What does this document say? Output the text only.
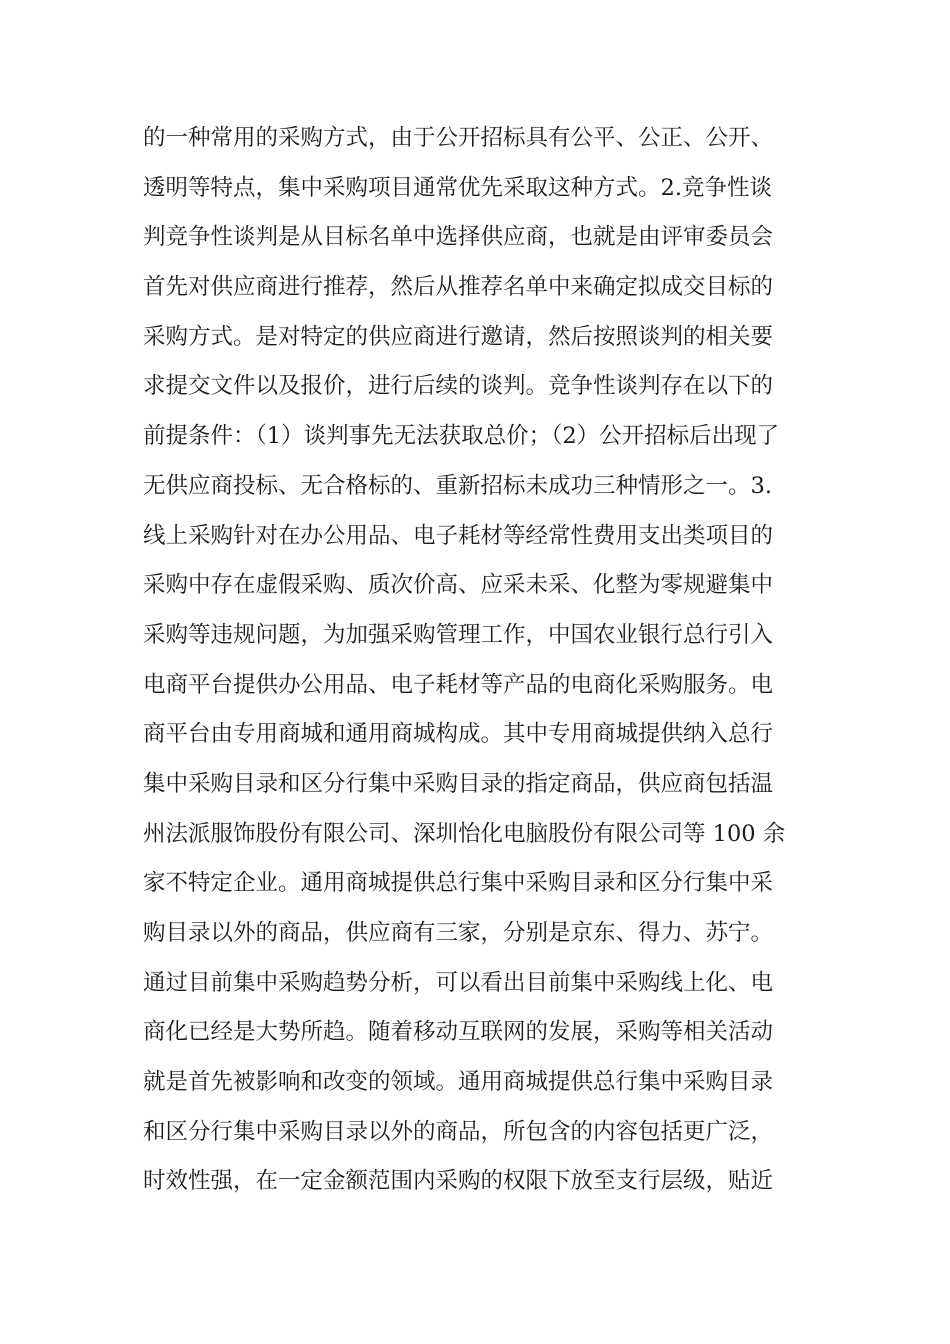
的一种常用的采购方式，由于公开招标具有公平、公正、公开、
透明等特点，集中采购项目通常优先采取这种方式。2.竞争性谈
判竞争性谈判是从目标名单中选择供应商，也就是由评审委员会
首先对供应商进行推荐，然后从推荐名单中来确定拟成交目标的
采购方式。是对特定的供应商进行邀请，然后按照谈判的相关要
求提交文件以及报价，进行后续的谈判。竞争性谈判存在以下的
前提条件：（1）谈判事先无法获取总价；（2）公开招标后出现了
无供应商投标、无合格标的、重新招标未成功三种情形之一。3.
线上采购针对在办公用品、电子耗材等经常性费用支出类项目的
采购中存在虚假采购、质次价高、应采未采、化整为零规避集中
采购等违规问题，为加强采购管理工作，中国农业银行总行引入
电商平台提供办公用品、电子耗材等产品的电商化采购服务。电
商平台由专用商城和通用商城构成。其中专用商城提供纳入总行
集中采购目录和区分行集中采购目录的指定商品，供应商包括温
州法派服饰股份有限公司、深圳怡化电脑股份有限公司等 100 余
家不特定企业。通用商城提供总行集中采购目录和区分行集中采
购目录以外的商品，供应商有三家，分别是京东、得力、苏宁。
通过目前集中采购趋势分析，可以看出目前集中采购线上化、电
商化已经是大势所趋。随着移动互联网的发展，采购等相关活动
就是首先被影响和改变的领域。通用商城提供总行集中采购目录
和区分行集中采购目录以外的商品，所包含的内容包括更广泛，
时效性强，在一定金额范围内采购的权限下放至支行层级，贴近
